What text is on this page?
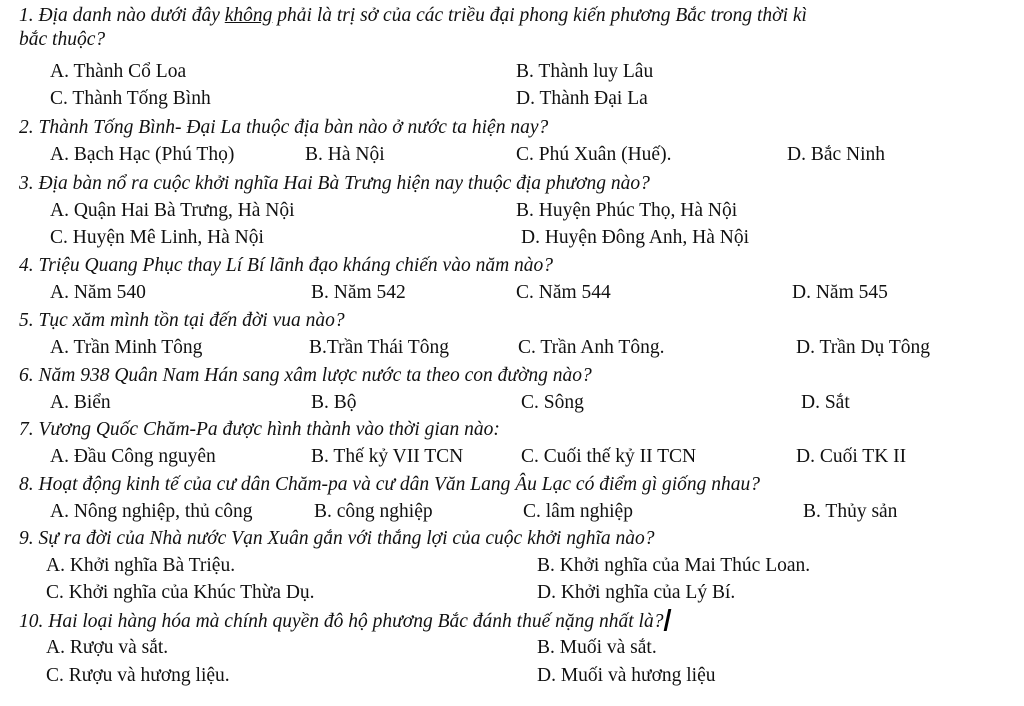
1. Địa danh nào dưới đây không phải là trị sở của các triều đại phong kiến phương Bắc trong thời kì
bắc thuộc?
A. Thành Cổ Loa	B. Thành luy Lâu
C. Thành Tống Bình	D. Thành Đại La
2. Thành Tống Bình- Đại La thuộc địa bàn nào ở nước ta hiện nay?
A. Bạch Hạc (Phú Thọ)	B. Hà Nội	C. Phú Xuân (Huế).	D. Bắc Ninh
3. Địa bàn nổ ra cuộc khởi nghĩa Hai Bà Trưng hiện nay thuộc địa phương nào?
A. Quận Hai Bà Trưng, Hà Nội	B. Huyện Phúc Thọ, Hà Nội
C. Huyện Mê Linh, Hà Nội	D. Huyện Đông Anh, Hà Nội
4. Triệu Quang Phục thay Lí Bí lãnh đạo kháng chiến vào năm nào?
A. Năm 540	B. Năm 542	C. Năm 544	D. Năm 545
5. Tục xăm mình tồn tại đến đời vua nào?
A. Trần Minh Tông	B.Trần Thái Tông	C. Trần Anh Tông.	D. Trần Dụ Tông
6. Năm 938 Quân Nam Hán sang xâm lược nước ta theo con đường nào?
A. Biển	B. Bộ	C. Sông	D. Sắt
7. Vương Quốc Chăm-Pa được hình thành vào thời gian nào:
A. Đầu Công nguyên	B. Thế kỷ VII TCN	C. Cuối thế kỷ II TCN	D. Cuối TK II
8. Hoạt động kinh tế của cư dân Chăm-pa và cư dân Văn Lang Âu Lạc có điểm gì giống nhau?
A. Nông nghiệp, thủ công	B. công nghiệp	C. lâm nghiệp	B. Thủy sản
9. Sự ra đời của Nhà nước Vạn Xuân gắn với thắng lợi của cuộc khởi nghĩa nào?
A. Khởi nghĩa Bà Triệu.	B. Khởi nghĩa của Mai Thúc Loan.
C. Khởi nghĩa của Khúc Thừa Dụ.	D. Khởi nghĩa của Lý Bí.
10. Hai loại hàng hóa mà chính quyền đô hộ phương Bắc đánh thuế nặng nhất là?
A. Rượu và sắt.	B. Muối và sắt.
C. Rượu và hương liệu.	D. Muối và hương liệu
